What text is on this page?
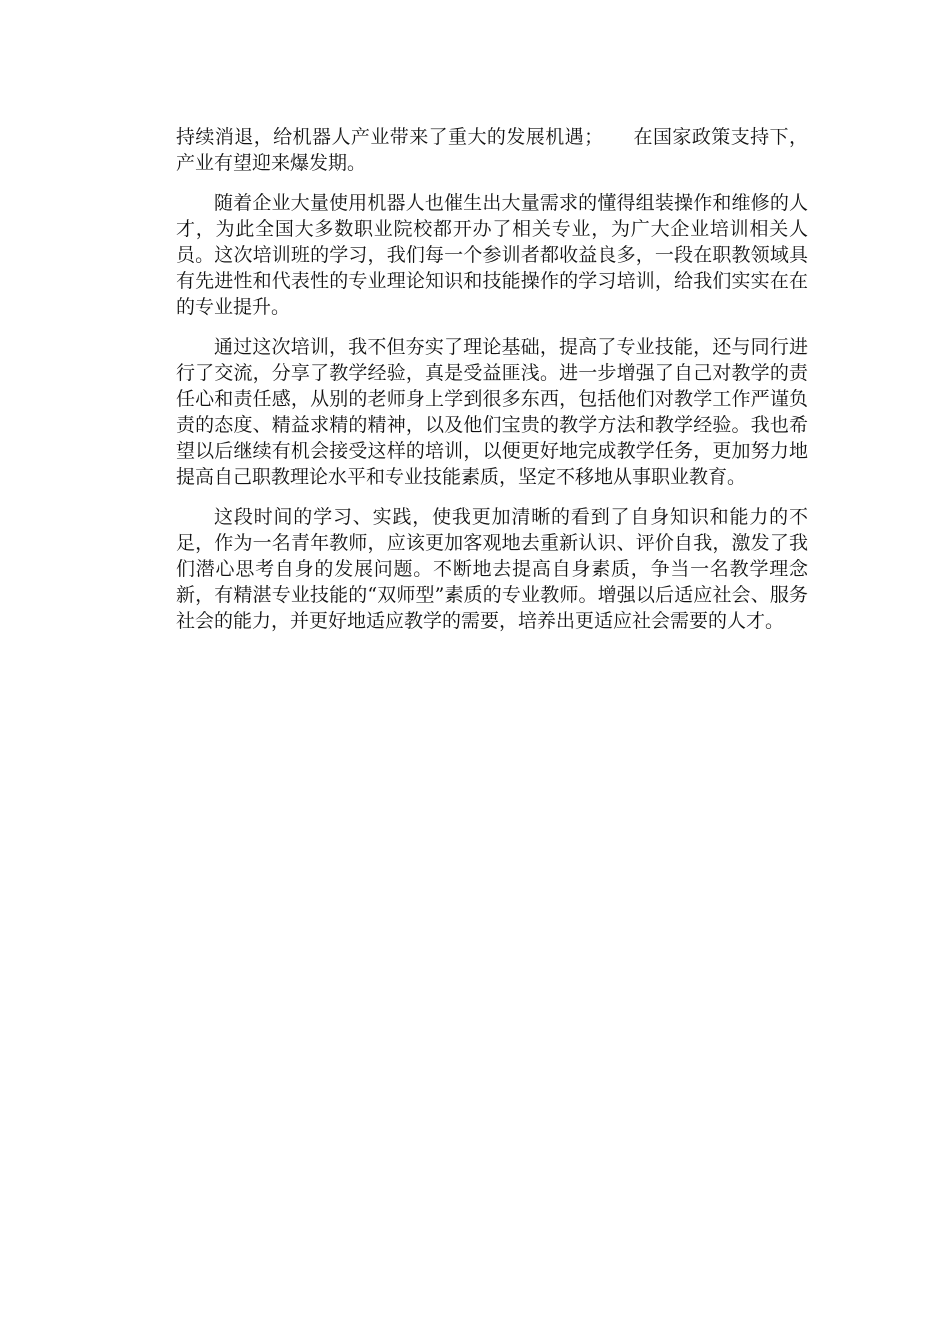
持续消退，给机器人产业带来了重大的发展机遇； 在国家政策支持下，产业有望迎来爆发期。

随着企业大量使用机器人也催生出大量需求的懂得组装操作和维修的人才，为此全国大多数职业院校都开办了相关专业，为广大企业培训相关人员。这次培训班的学习，我们每一个参训者都收益良多，一段在职教领域具有先进性和代表性的专业理论知识和技能操作的学习培训，给我们实实在在的专业提升。

通过这次培训，我不但夯实了理论基础，提高了专业技能，还与同行进行了交流，分享了教学经验，真是受益匪浅。进一步增强了自己对教学的责任心和责任感，从别的老师身上学到很多东西，包括他们对教学工作严谨负责的态度、精益求精的精神，以及他们宝贵的教学方法和教学经验。我也希望以后继续有机会接受这样的培训，以便更好地完成教学任务，更加努力地提高自己职教理论水平和专业技能素质，坚定不移地从事职业教育。

这段时间的学习、实践，使我更加清晰的看到了自身知识和能力的不足，作为一名青年教师，应该更加客观地去重新认识、评价自我，激发了我们潜心思考自身的发展问题。不断地去提高自身素质，争当一名教学理念新，有精湛专业技能的“双师型”素质的专业教师。增强以后适应社会、服务社会的能力，并更好地适应教学的需要，培养出更适应社会需要的人才。
